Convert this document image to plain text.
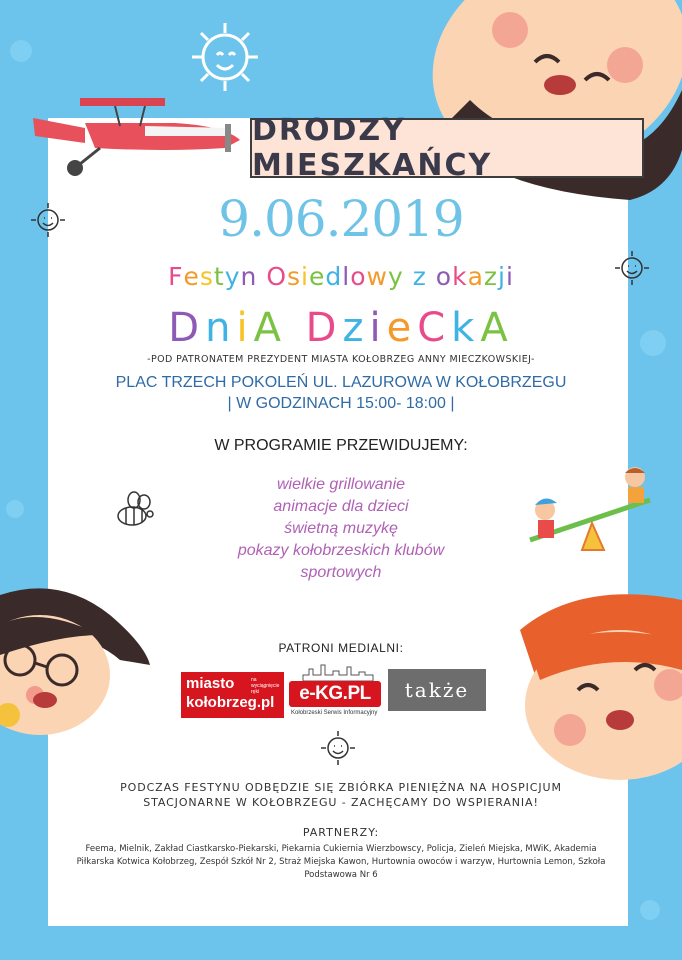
DRODZY MIESZKAŃCY
9.06.2019
Festyn Osiedlowy z okazji
DniA DzieCkA
-POD PATRONATEM PREZYDENT MIASTA KOŁOBRZEG ANNY MIECZKOWSKIEJ-
PLAC TRZECH POKOLEŃ UL. LAZUROWA W KOŁOBRZEGU
| W GODZINACH 15:00- 18:00 |
W PROGRAMIE PRZEWIDUJEMY:
wielkie grillowanie
animacje dla dzieci
świetną muzykę
pokazy kołobrzeskich klubów
sportowych
PATRONI MEDIALNI:
miasto	na wyciągnięcie ręki
kołobrzeg.pl	e-KG.PL
Kołobrzeski Serwis Informacyjny
także
PODCZAS FESTYNU ODBĘDZIE SIĘ ZBIÓRKA PIENIĘŻNA NA HOSPICJUM
STACJONARNE W KOŁOBRZEGU - ZACHĘCAMY DO WSPIERANIA!
PARTNERZY:
Feema, Mielnik, Zakład Ciastkarsko-Piekarski, Piekarnia Cukiernia Wierzbowscy, Policja, Zieleń Miejska, MWiK, Akademia Piłkarska Kotwica Kołobrzeg, Zespół Szkół Nr 2, Straż Miejska Kawon, Hurtownia owoców i warzyw, Hurtownia Lemon, Szkoła Podstawowa Nr 6
